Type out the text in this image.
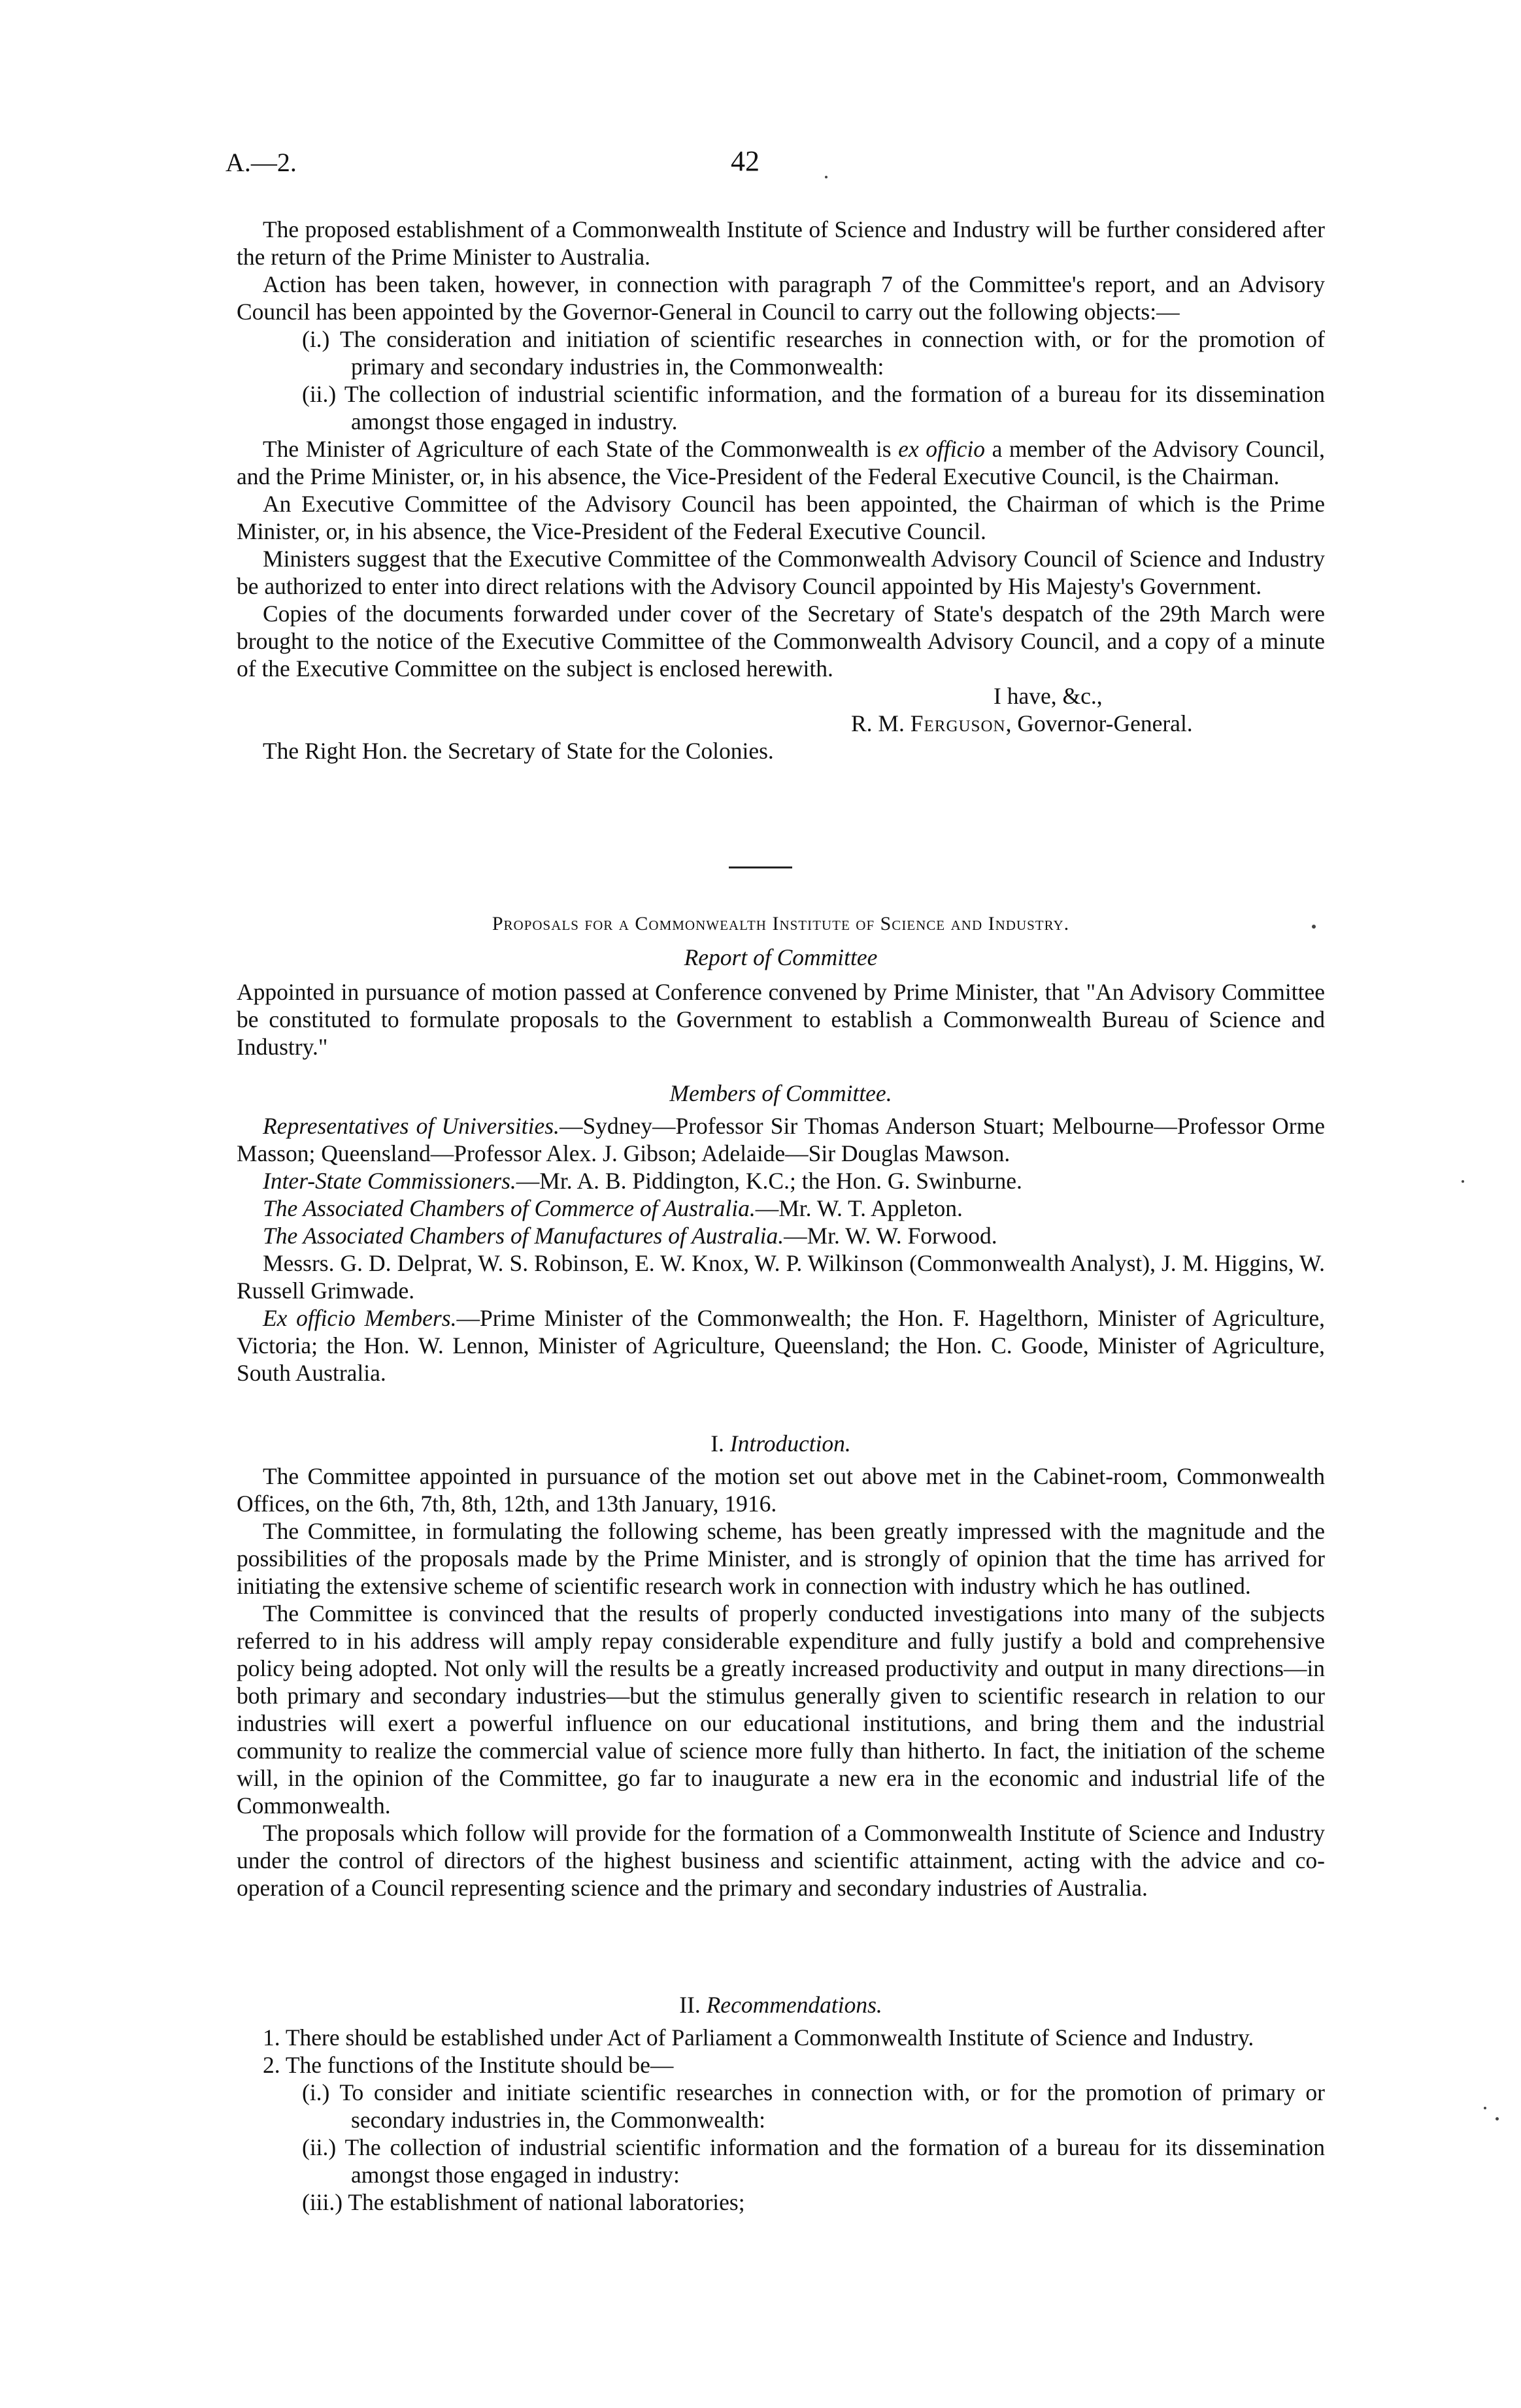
A.—2.	42

The proposed establishment of a Commonwealth Institute of Science and Industry will be further considered after the return of the Prime Minister to Australia.

Action has been taken, however, in connection with paragraph 7 of the Committee's report, and an Advisory Council has been appointed by the Governor-General in Council to carry out the following objects:—

(i.) The consideration and initiation of scientific researches in connection with, or for the promotion of primary and secondary industries in, the Commonwealth:

(ii.) The collection of industrial scientific information, and the formation of a bureau for its dissemination amongst those engaged in industry.

The Minister of Agriculture of each State of the Commonwealth is ex officio a member of the Advisory Council, and the Prime Minister, or, in his absence, the Vice-President of the Federal Executive Council, is the Chairman.

An Executive Committee of the Advisory Council has been appointed, the Chairman of which is the Prime Minister, or, in his absence, the Vice-President of the Federal Executive Council.

Ministers suggest that the Executive Committee of the Commonwealth Advisory Council of Science and Industry be authorized to enter into direct relations with the Advisory Council appointed by His Majesty's Government.

Copies of the documents forwarded under cover of the Secretary of State's despatch of the 29th March were brought to the notice of the Executive Committee of the Commonwealth Advisory Council, and a copy of a minute of the Executive Committee on the subject is enclosed herewith.

I have, &c.,

R. M. Ferguson, Governor-General.

The Right Hon. the Secretary of State for the Colonies.

Proposals for a Commonwealth Institute of Science and Industry.
Report of Committee

Appointed in pursuance of motion passed at Conference convened by Prime Minister, that "An Advisory Committee be constituted to formulate proposals to the Government to establish a Commonwealth Bureau of Science and Industry."

Members of Committee.

Representatives of Universities.—Sydney—Professor Sir Thomas Anderson Stuart; Melbourne—Professor Orme Masson; Queensland—Professor Alex. J. Gibson; Adelaide—Sir Douglas Mawson.

Inter-State Commissioners.—Mr. A. B. Piddington, K.C.; the Hon. G. Swinburne.

The Associated Chambers of Commerce of Australia.—Mr. W. T. Appleton.

The Associated Chambers of Manufactures of Australia.—Mr. W. W. Forwood.

Messrs. G. D. Delprat, W. S. Robinson, E. W. Knox, W. P. Wilkinson (Commonwealth Analyst), J. M. Higgins, W. Russell Grimwade.

Ex officio Members.—Prime Minister of the Commonwealth; the Hon. F. Hagelthorn, Minister of Agriculture, Victoria; the Hon. W. Lennon, Minister of Agriculture, Queensland; the Hon. C. Goode, Minister of Agriculture, South Australia.

I. Introduction.

The Committee appointed in pursuance of the motion set out above met in the Cabinet-room, Commonwealth Offices, on the 6th, 7th, 8th, 12th, and 13th January, 1916.

The Committee, in formulating the following scheme, has been greatly impressed with the magnitude and the possibilities of the proposals made by the Prime Minister, and is strongly of opinion that the time has arrived for initiating the extensive scheme of scientific research work in connection with industry which he has outlined.

The Committee is convinced that the results of properly conducted investigations into many of the subjects referred to in his address will amply repay considerable expenditure and fully justify a bold and comprehensive policy being adopted. Not only will the results be a greatly increased productivity and output in many directions—in both primary and secondary industries—but the stimulus generally given to scientific research in relation to our industries will exert a powerful influence on our educational institutions, and bring them and the industrial community to realize the commercial value of science more fully than hitherto. In fact, the initiation of the scheme will, in the opinion of the Committee, go far to inaugurate a new era in the economic and industrial life of the Commonwealth.

The proposals which follow will provide for the formation of a Commonwealth Institute of Science and Industry under the control of directors of the highest business and scientific attainment, acting with the advice and co-operation of a Council representing science and the primary and secondary industries of Australia.

II. Recommendations.

1. There should be established under Act of Parliament a Commonwealth Institute of Science and Industry.

2. The functions of the Institute should be—

(i.) To consider and initiate scientific researches in connection with, or for the promotion of primary or secondary industries in, the Commonwealth:

(ii.) The collection of industrial scientific information and the formation of a bureau for its dissemination amongst those engaged in industry:

(iii.) The establishment of national laboratories;
